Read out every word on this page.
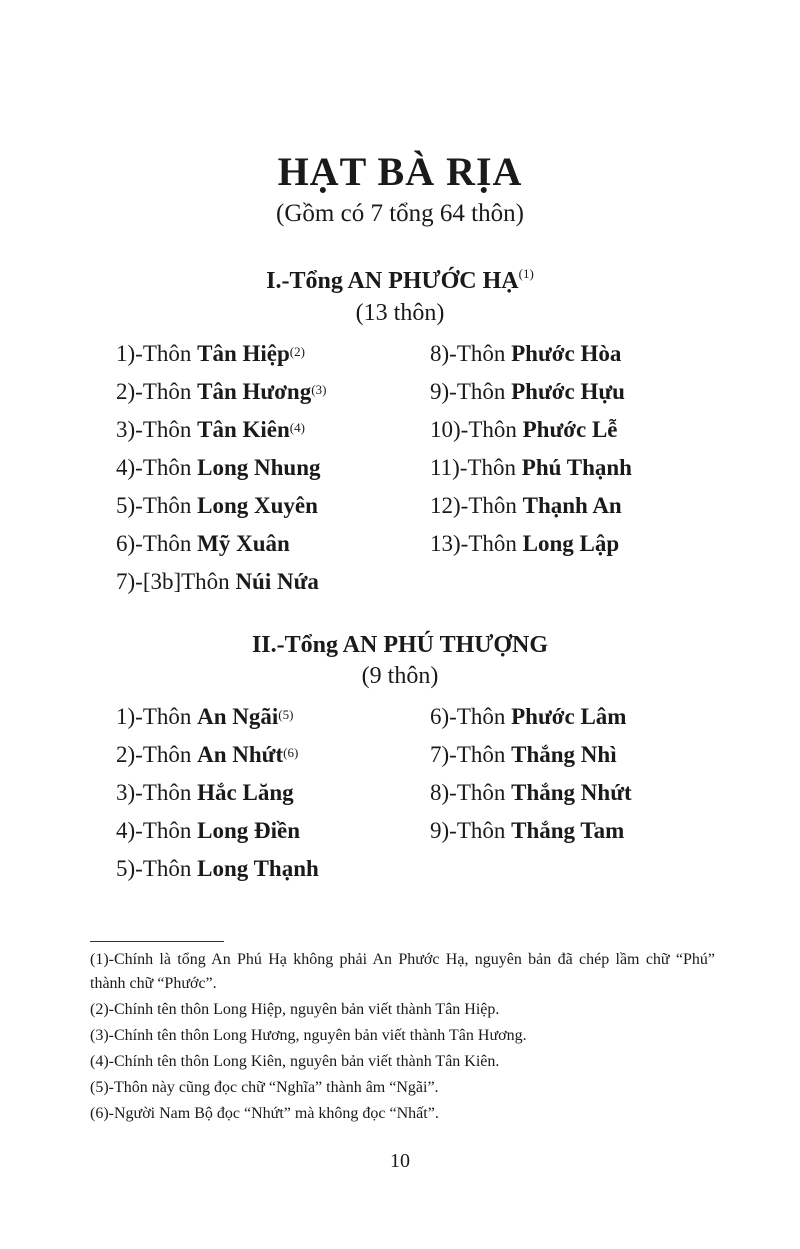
HẠT BÀ RỊA
(Gồm có 7 tổng 64 thôn)
I.-Tổng AN PHƯỚC HẠ$^{(1)}$
(13 thôn)
1)-Thôn Tân Hiệp$^{(2)}$
2)-Thôn Tân Hương$^{(3)}$
3)-Thôn Tân Kiên$^{(4)}$
4)-Thôn Long Nhung
5)-Thôn Long Xuyên
6)-Thôn Mỹ Xuân
7)-[3b]Thôn Núi Nứa
8)-Thôn Phước Hòa
9)-Thôn Phước Hựu
10)-Thôn Phước Lễ
11)-Thôn Phú Thạnh
12)-Thôn Thạnh An
13)-Thôn Long Lập
II.-Tổng AN PHÚ THƯỢNG
(9 thôn)
1)-Thôn An Ngãi$^{(5)}$
2)-Thôn An Nhứt$^{(6)}$
3)-Thôn Hắc Lăng
4)-Thôn Long Điền
5)-Thôn Long Thạnh
6)-Thôn Phước Lâm
7)-Thôn Thắng Nhì
8)-Thôn Thắng Nhứt
9)-Thôn Thắng Tam

(1)-Chính là tổng An Phú Hạ không phải An Phước Hạ, nguyên bản đã chép lầm chữ “Phú” thành chữ “Phước”.

(2)-Chính tên thôn Long Hiệp, nguyên bản viết thành Tân Hiệp.

(3)-Chính tên thôn Long Hương, nguyên bản viết thành Tân Hương.

(4)-Chính tên thôn Long Kiên, nguyên bản viết thành Tân Kiên.

(5)-Thôn này cũng đọc chữ “Nghĩa” thành âm “Ngãi”.

(6)-Người Nam Bộ đọc “Nhứt” mà không đọc “Nhất”.

10
